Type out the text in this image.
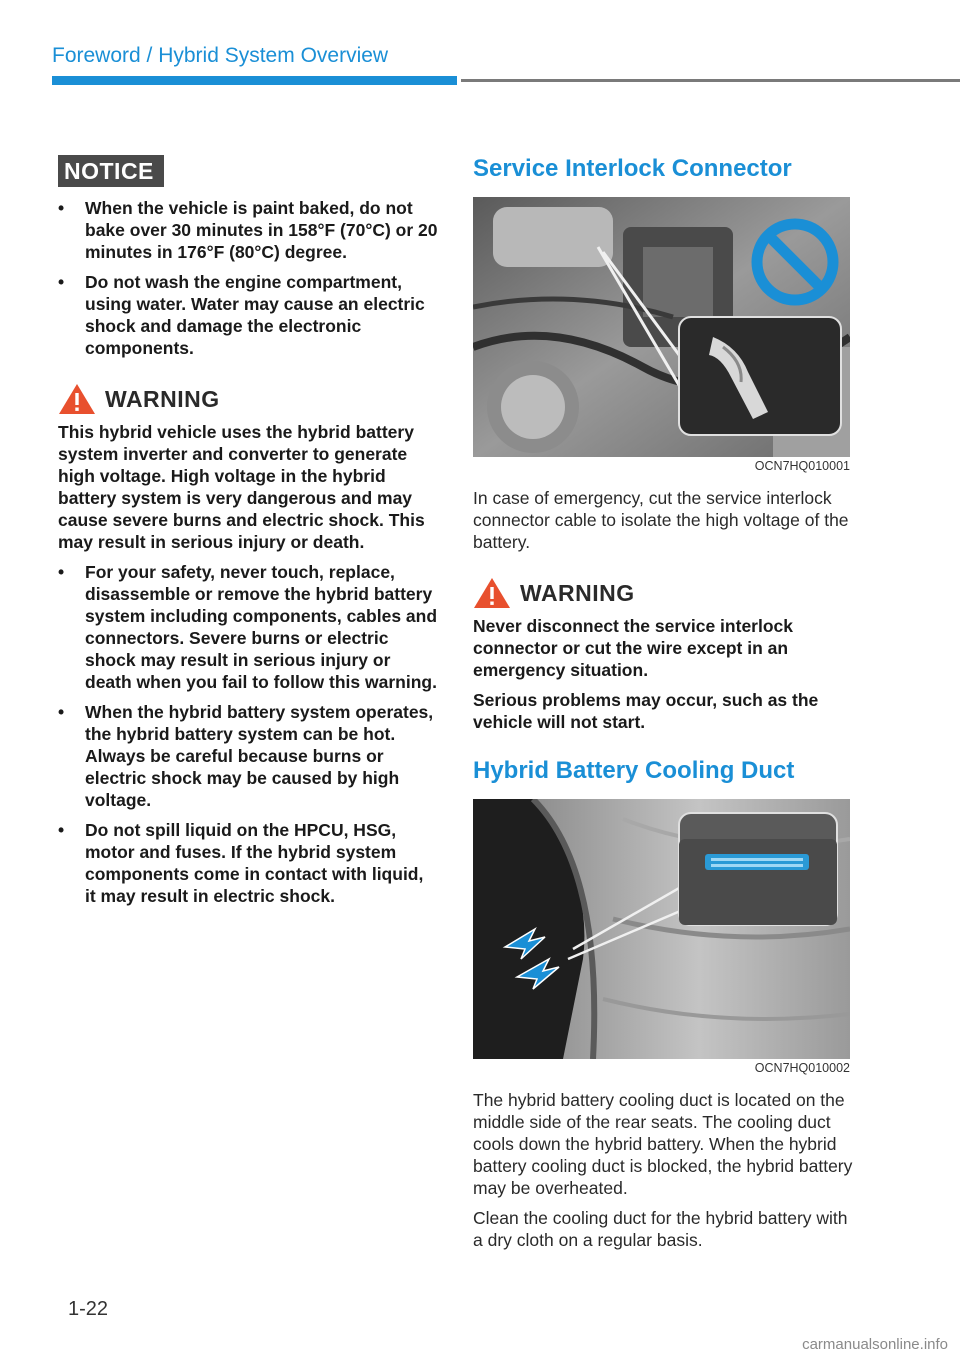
Foreword / Hybrid System Overview
NOTICE
• When the vehicle is paint baked, do not bake over 30 minutes in 158°F (70°C) or 20 minutes in 176°F (80°C) degree.
• Do not wash the engine compartment, using water. Water may cause an electric shock and damage the electronic components.
WARNING

This hybrid vehicle uses the hybrid battery system inverter and converter to generate high voltage. High voltage in the hybrid battery system is very dangerous and may cause severe burns and electric shock. This may result in serious injury or death.

• For your safety, never touch, replace, disassemble or remove the hybrid battery system including components, cables and connectors. Severe burns or electric shock may result in serious injury or death when you fail to follow this warning.
• When the hybrid battery system operates, the hybrid battery system can be hot. Always be careful because burns or electric shock may be caused by high voltage.
• Do not spill liquid on the HPCU, HSG, motor and fuses. If the hybrid system components come in contact with liquid, it may result in electric shock.
Service Interlock Connector
OCN7HQ010001

In case of emergency, cut the service interlock connector cable to isolate the high voltage of the battery.

WARNING

Never disconnect the service interlock connector or cut the wire except in an emergency situation.

Serious problems may occur, such as the vehicle will not start.

Hybrid Battery Cooling Duct
OCN7HQ010002

The hybrid battery cooling duct is located on the middle side of the rear seats. The cooling duct cools down the hybrid battery. When the hybrid battery cooling duct is blocked, the hybrid battery may be overheated.

Clean the cooling duct for the hybrid battery with a dry cloth on a regular basis.

1-22
carmanualsonline.info
